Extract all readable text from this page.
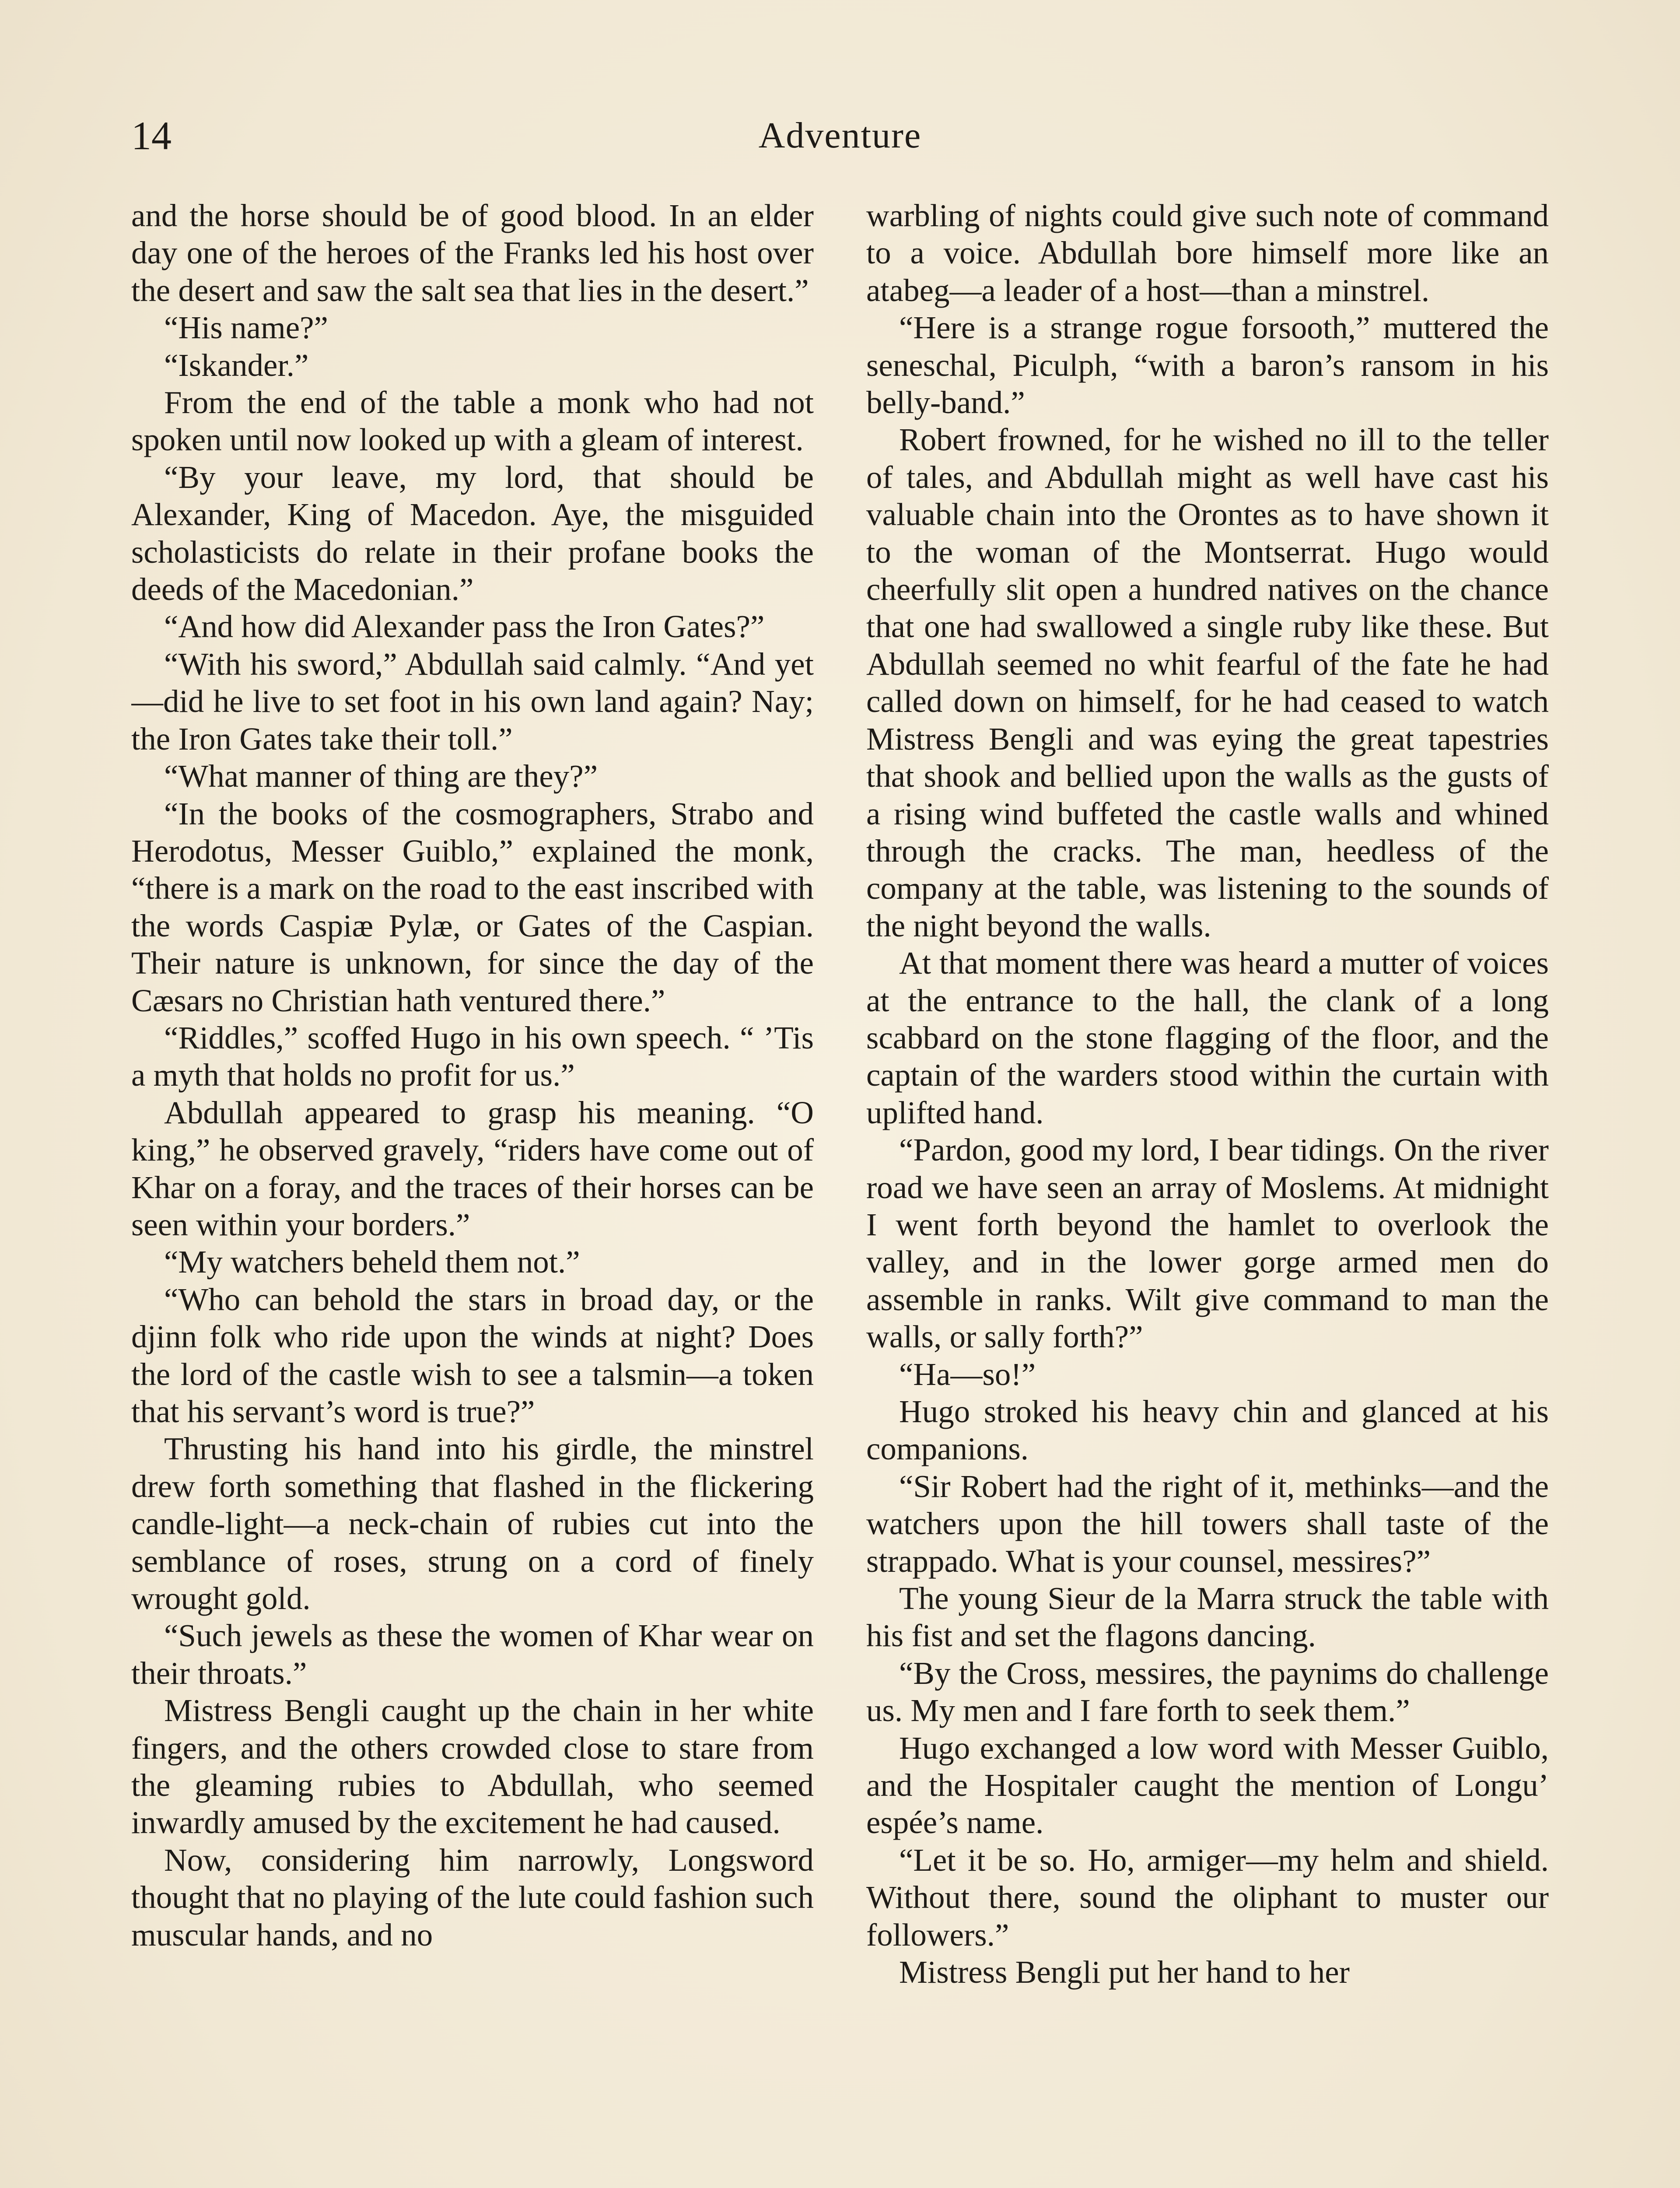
14	Adventure

and the horse should be of good blood. In an elder day one of the heroes of the Franks led his host over the desert and saw the salt sea that lies in the desert.”

“His name?”

“Iskander.”

From the end of the table a monk who had not spoken until now looked up with a gleam of interest.

“By your leave, my lord, that should be Alexander, King of Macedon. Aye, the misguided scholasticists do relate in their profane books the deeds of the Macedonian.”

“And how did Alexander pass the Iron Gates?”

“With his sword,” Abdullah said calmly. “And yet—did he live to set foot in his own land again? Nay; the Iron Gates take their toll.”

“What manner of thing are they?”

“In the books of the cosmographers, Strabo and Herodotus, Messer Guiblo,” explained the monk, “there is a mark on the road to the east inscribed with the words Caspiæ Pylæ, or Gates of the Caspian. Their nature is unknown, for since the day of the Cæsars no Christian hath ventured there.”

“Riddles,” scoffed Hugo in his own speech. “ ’Tis a myth that holds no profit for us.”

Abdullah appeared to grasp his meaning. “O king,” he observed gravely, “riders have come out of Khar on a foray, and the traces of their horses can be seen within your borders.”

“My watchers beheld them not.”

“Who can behold the stars in broad day, or the djinn folk who ride upon the winds at night? Does the lord of the castle wish to see a talsmin—a token that his servant’s word is true?”

Thrusting his hand into his girdle, the minstrel drew forth something that flashed in the flickering candle-light—a neck-chain of rubies cut into the semblance of roses, strung on a cord of finely wrought gold.

“Such jewels as these the women of Khar wear on their throats.”

Mistress Bengli caught up the chain in her white fingers, and the others crowded close to stare from the gleaming rubies to Abdullah, who seemed inwardly amused by the excitement he had caused.

Now, considering him narrowly, Longsword thought that no playing of the lute could fashion such muscular hands, and no

warbling of nights could give such note of command to a voice. Abdullah bore himself more like an atabeg—a leader of a host—than a minstrel.

“Here is a strange rogue forsooth,” muttered the seneschal, Piculph, “with a baron’s ransom in his belly-band.”

Robert frowned, for he wished no ill to the teller of tales, and Abdullah might as well have cast his valuable chain into the Orontes as to have shown it to the woman of the Montserrat. Hugo would cheerfully slit open a hundred natives on the chance that one had swallowed a single ruby like these. But Abdullah seemed no whit fearful of the fate he had called down on himself, for he had ceased to watch Mistress Bengli and was eying the great tapestries that shook and bellied upon the walls as the gusts of a rising wind buffeted the castle walls and whined through the cracks. The man, heedless of the company at the table, was listening to the sounds of the night beyond the walls.

At that moment there was heard a mutter of voices at the entrance to the hall, the clank of a long scabbard on the stone flagging of the floor, and the captain of the warders stood within the curtain with uplifted hand.

“Pardon, good my lord, I bear tidings. On the river road we have seen an array of Moslems. At midnight I went forth beyond the hamlet to overlook the valley, and in the lower gorge armed men do assemble in ranks. Wilt give command to man the walls, or sally forth?”

“Ha—so!”

Hugo stroked his heavy chin and glanced at his companions.

“Sir Robert had the right of it, methinks—and the watchers upon the hill towers shall taste of the strappado. What is your counsel, messires?”

The young Sieur de la Marra struck the table with his fist and set the flagons dancing.

“By the Cross, messires, the paynims do challenge us. My men and I fare forth to seek them.”

Hugo exchanged a low word with Messer Guiblo, and the Hospitaler caught the mention of Longu’ espée’s name.

“Let it be so. Ho, armiger—my helm and shield. Without there, sound the oliphant to muster our followers.”

Mistress Bengli put her hand to her
